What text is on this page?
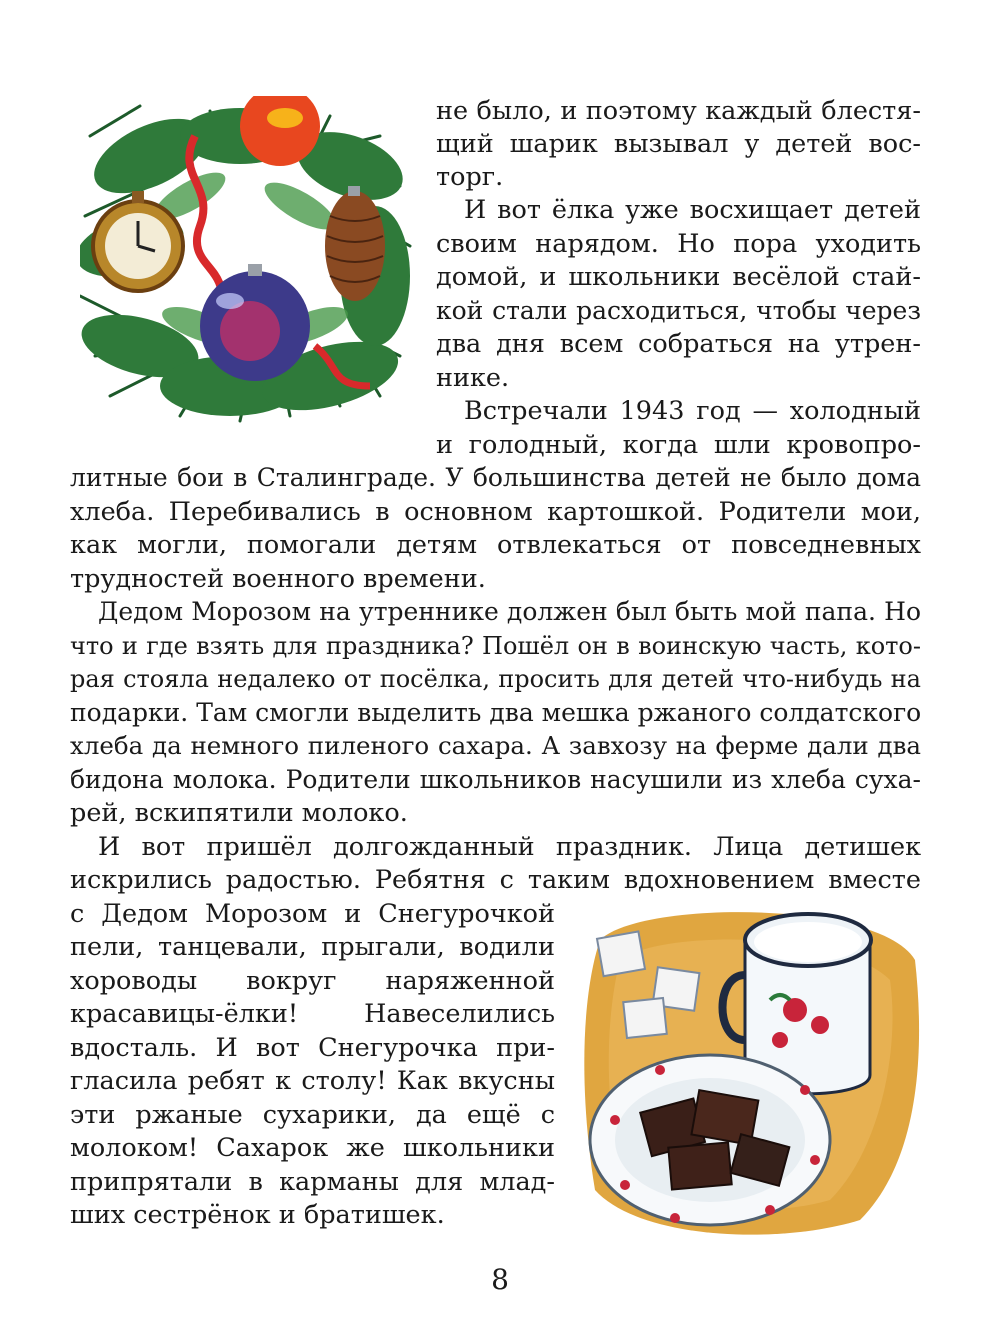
не было, и поэтому каждый блестя-

щий шарик вызывал у детей вос-

торг.

И вот ёлка уже восхищает детей

своим нарядом. Но пора уходить

домой, и школьники весёлой стай-

кой стали расходиться, чтобы через

два дня всем собраться на утрен-

нике.

Встречали 1943 год — холодный

и голодный, когда шли кровопро-

литные бои в Сталинграде. У большинства детей не было дома

хлеба. Перебивались в основном картошкой. Родители мои,

как могли, помогали детям отвлекаться от повседневных

трудностей военного времени.

Дедом Морозом на утреннике должен был быть мой папа. Но

что и где взять для праздника? Пошёл он в воинскую часть, кото-

рая стояла недалеко от посёлка, просить для детей что-нибудь на

подарки. Там смогли выделить два мешка ржаного солдатского

хлеба да немного пиленого сахара. А завхозу на ферме дали два

бидона молока. Родители школьников насушили из хлеба суха-

рей, вскипятили молоко.

И вот пришёл долгожданный праздник. Лица детишек

искрились радостью. Ребятня с таким вдохновением вместе

с Дедом Морозом и Снегурочкой

пели, танцевали, прыгали, водили

хороводы вокруг наряженной

красавицы-ёлки! Навеселились

вдосталь. И вот Снегурочка при-

гласила ребят к столу! Как вкусны

эти ржаные сухарики, да ещё с

молоком! Сахарок же школьники

припрятали в карманы для млад-

ших сестрёнок и братишек.

8
